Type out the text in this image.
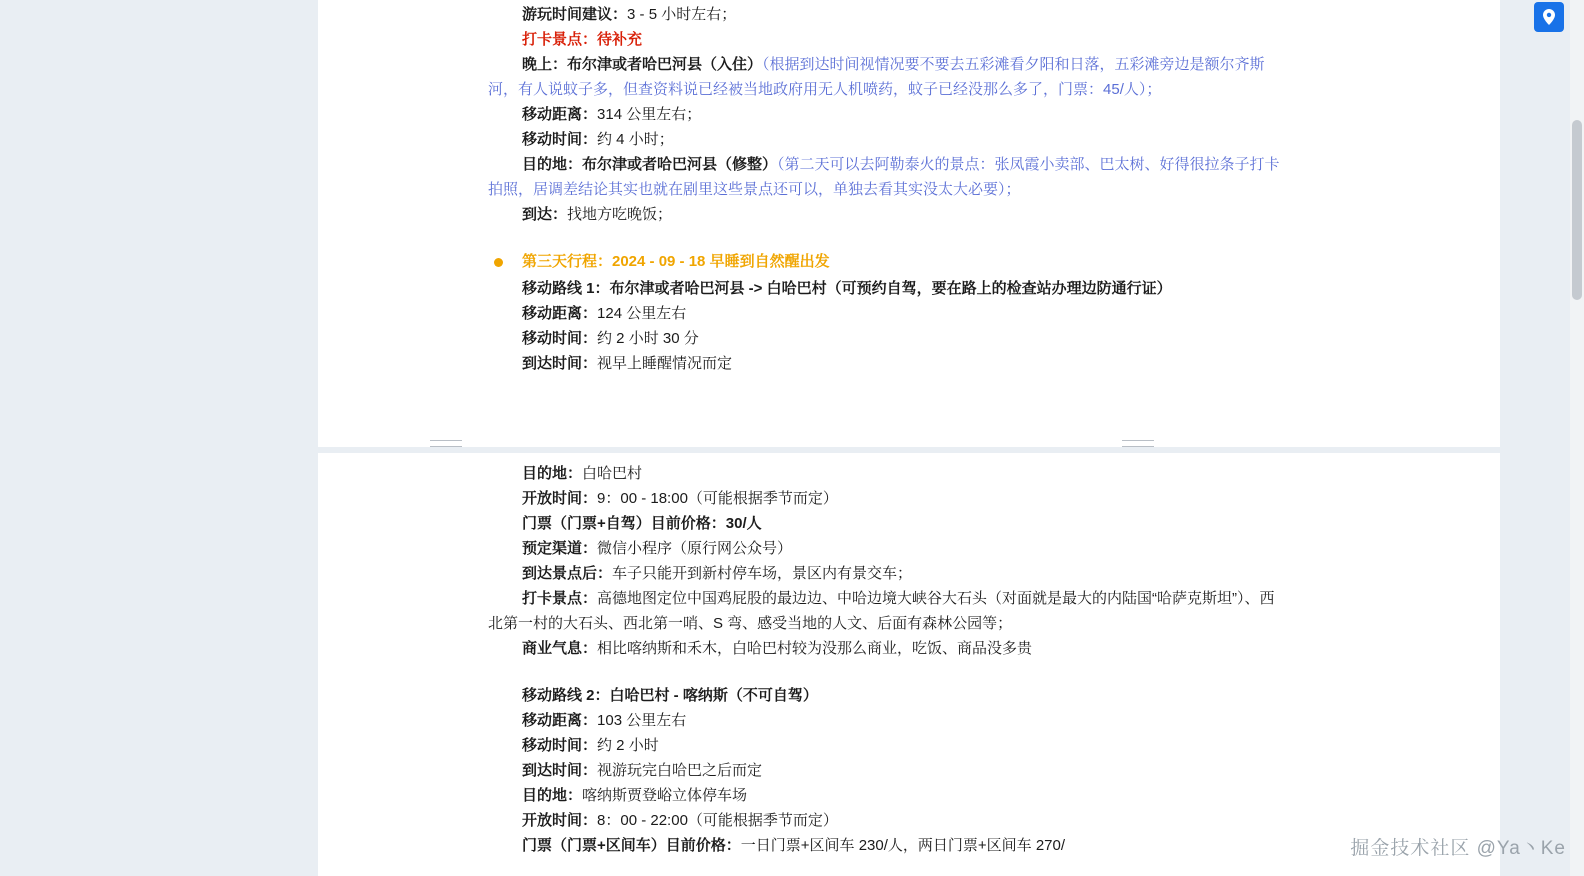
游玩时间建议：3 - 5 小时左右；
打卡景点：待补充
晚上：布尔津或者哈巴河县（入住）（根据到达时间视情况要不要去五彩滩看夕阳和日落，五彩滩旁边是额尔齐斯河，有人说蚊子多，但查资料说已经被当地政府用无人机喷药，蚊子已经没那么多了，门票：45/人）；
移动距离：314 公里左右；
移动时间：约 4 小时；
目的地：布尔津或者哈巴河县（修整）（第二天可以去阿勒泰火的景点：张凤霞小卖部、巴太树、好得很拉条子打卡拍照，居调差结论其实也就在剧里这些景点还可以，单独去看其实没太大必要）；
到达：找地方吃晚饭；
第三天行程：2024 - 09 - 18 早睡到自然醒出发
移动路线 1：布尔津或者哈巴河县 -> 白哈巴村（可预约自驾，要在路上的检查站办理边防通行证）
移动距离：124 公里左右
移动时间：约 2 小时 30 分
到达时间：视早上睡醒情况而定
目的地：白哈巴村
开放时间：9：00 - 18:00（可能根据季节而定）
门票（门票+自驾）目前价格：30/人
预定渠道：微信小程序（原行网公众号）
到达景点后：车子只能开到新村停车场，景区内有景交车；
打卡景点：高德地图定位中国鸡屁股的最边边、中哈边境大峡谷大石头（对面就是最大的内陆国“哈萨克斯坦”）、西北第一村的大石头、西北第一哨、S 弯、感受当地的人文、后面有森林公园等；
商业气息：相比喀纳斯和禾木，白哈巴村较为没那么商业，吃饭、商品没多贵
移动路线 2：白哈巴村 - 喀纳斯（不可自驾）
移动距离：103 公里左右
移动时间：约 2 小时
到达时间：视游玩完白哈巴之后而定
目的地：喀纳斯贾登峪立体停车场
开放时间：8：00 - 22:00（可能根据季节而定）
门票（门票+区间车）目前价格：一日门票+区间车 230/人，两日门票+区间车 270/	掘金技术社区 @Ya丶Ke
